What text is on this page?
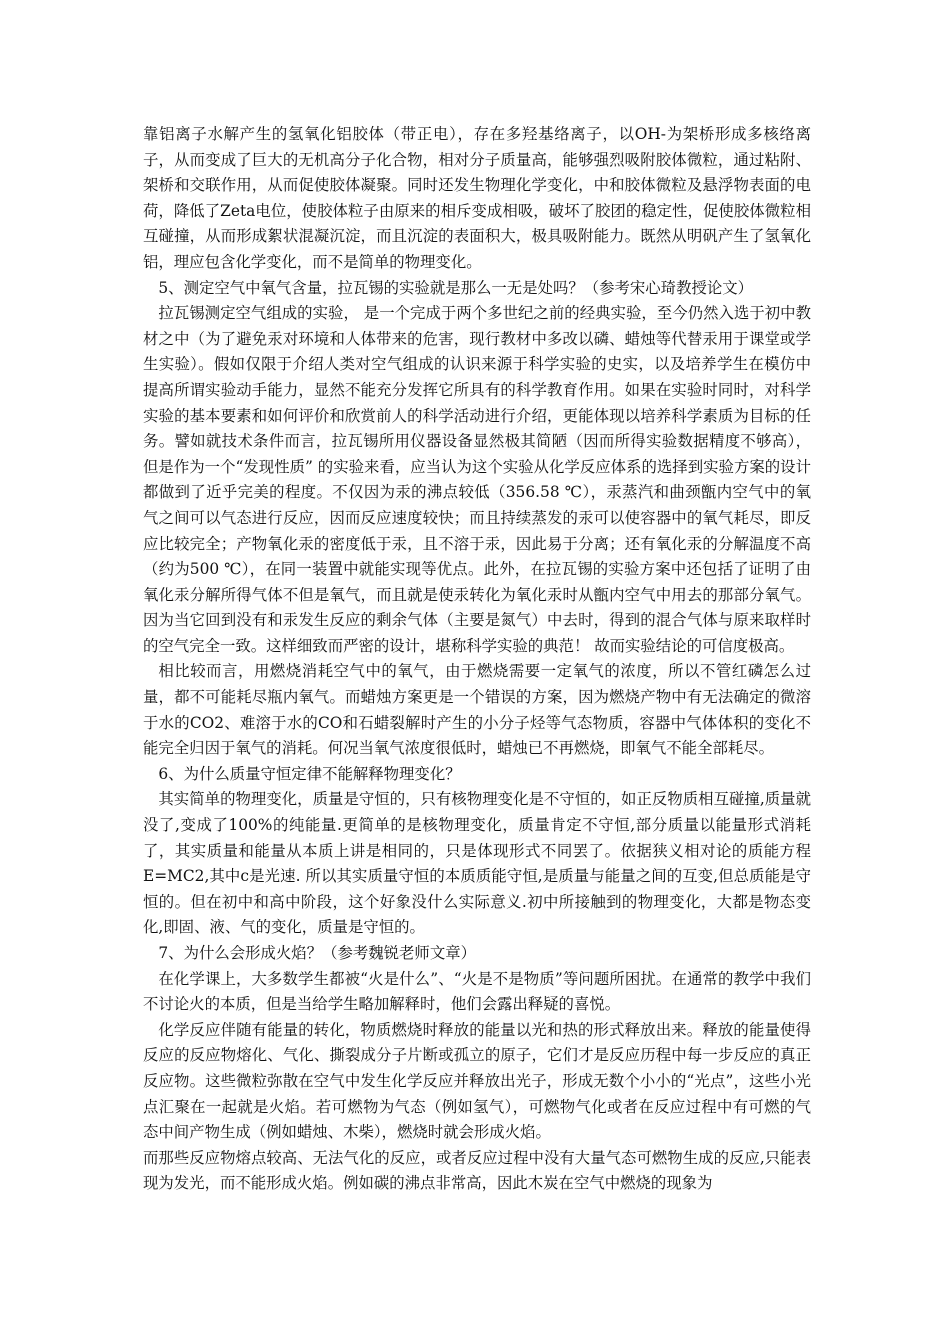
靠铝离子水解产生的氢氧化铝胶体（带正电），存在多羟基络离子，以OH-为架桥形成多核络离子，从而变成了巨大的无机高分子化合物，相对分子质量高，能够强烈吸附胶体微粒，通过粘附、架桥和交联作用，从而促使胶体凝聚。同时还发生物理化学变化，中和胶体微粒及悬浮物表面的电荷，降低了Zeta电位，使胶体粒子由原来的相斥变成相吸，破坏了胶团的稳定性，促使胶体微粒相互碰撞，从而形成絮状混凝沉淀，而且沉淀的表面积大，极具吸附能力。既然从明矾产生了氢氧化铝，理应包含化学变化，而不是简单的物理变化。

5、测定空气中氧气含量，拉瓦锡的实验就是那么一无是处吗？（参考宋心琦教授论文）

拉瓦锡测定空气组成的实验， 是一个完成于两个多世纪之前的经典实验，至今仍然入选于初中教材之中（为了避免汞对环境和人体带来的危害，现行教材中多改以磷、蜡烛等代替汞用于课堂或学生实验）。假如仅限于介绍人类对空气组成的认识来源于科学实验的史实，以及培养学生在模仿中提高所谓实验动手能力，显然不能充分发挥它所具有的科学教育作用。如果在实验时同时，对科学实验的基本要素和如何评价和欣赏前人的科学活动进行介绍，更能体现以培养科学素质为目标的任务。譬如就技术条件而言，拉瓦锡所用仪器设备显然极其简陋（因而所得实验数据精度不够高），但是作为一个“发现性质” 的实验来看，应当认为这个实验从化学反应体系的选择到实验方案的设计都做到了近乎完美的程度。不仅因为汞的沸点较低（356.58 ℃），汞蒸汽和曲颈甑内空气中的氧气之间可以气态进行反应，因而反应速度较快；而且持续蒸发的汞可以使容器中的氧气耗尽，即反应比较完全；产物氧化汞的密度低于汞，且不溶于汞，因此易于分离；还有氧化汞的分解温度不高（约为500 ℃），在同一装置中就能实现等优点。此外，在拉瓦锡的实验方案中还包括了证明了由氧化汞分解所得气体不但是氧气，而且就是使汞转化为氧化汞时从甑内空气中用去的那部分氧气。因为当它回到没有和汞发生反应的剩余气体（主要是氮气）中去时，得到的混合气体与原来取样时的空气完全一致。这样细致而严密的设计，堪称科学实验的典范！ 故而实验结论的可信度极高。

相比较而言，用燃烧消耗空气中的氧气，由于燃烧需要一定氧气的浓度，所以不管红磷怎么过量，都不可能耗尽瓶内氧气。而蜡烛方案更是一个错误的方案，因为燃烧产物中有无法确定的微溶于水的CO2、难溶于水的CO和石蜡裂解时产生的小分子烃等气态物质，容器中气体体积的变化不能完全归因于氧气的消耗。何况当氧气浓度很低时，蜡烛已不再燃烧，即氧气不能全部耗尽。

6、为什么质量守恒定律不能解释物理变化？

其实简单的物理变化，质量是守恒的，只有核物理变化是不守恒的，如正反物质相互碰撞,质量就没了,变成了100%的纯能量.更简单的是核物理变化，质量肯定不守恒,部分质量以能量形式消耗了，其实质量和能量从本质上讲是相同的，只是体现形式不同罢了。依据狭义相对论的质能方程E=MC2,其中c是光速. 所以其实质量守恒的本质质能守恒,是质量与能量之间的互变,但总质能是守恒的。但在初中和高中阶段，这个好象没什么实际意义.初中所接触到的物理变化，大都是物态变化,即固、液、气的变化，质量是守恒的。

7、为什么会形成火焰？（参考魏锐老师文章）

在化学课上，大多数学生都被“火是什么”、“火是不是物质”等问题所困扰。在通常的教学中我们不讨论火的本质，但是当给学生略加解释时，他们会露出释疑的喜悦。

化学反应伴随有能量的转化，物质燃烧时释放的能量以光和热的形式释放出来。释放的能量使得反应的反应物熔化、气化、撕裂成分子片断或孤立的原子，它们才是反应历程中每一步反应的真正反应物。这些微粒弥散在空气中发生化学反应并释放出光子，形成无数个小小的“光点”，这些小光点汇聚在一起就是火焰。若可燃物为气态（例如氢气），可燃物气化或者在反应过程中有可燃的气态中间产物生成（例如蜡烛、木柴），燃烧时就会形成火焰。

而那些反应物熔点较高、无法气化的反应，或者反应过程中没有大量气态可燃物生成的反应,只能表现为发光，而不能形成火焰。例如碳的沸点非常高，因此木炭在空气中燃烧的现象为
